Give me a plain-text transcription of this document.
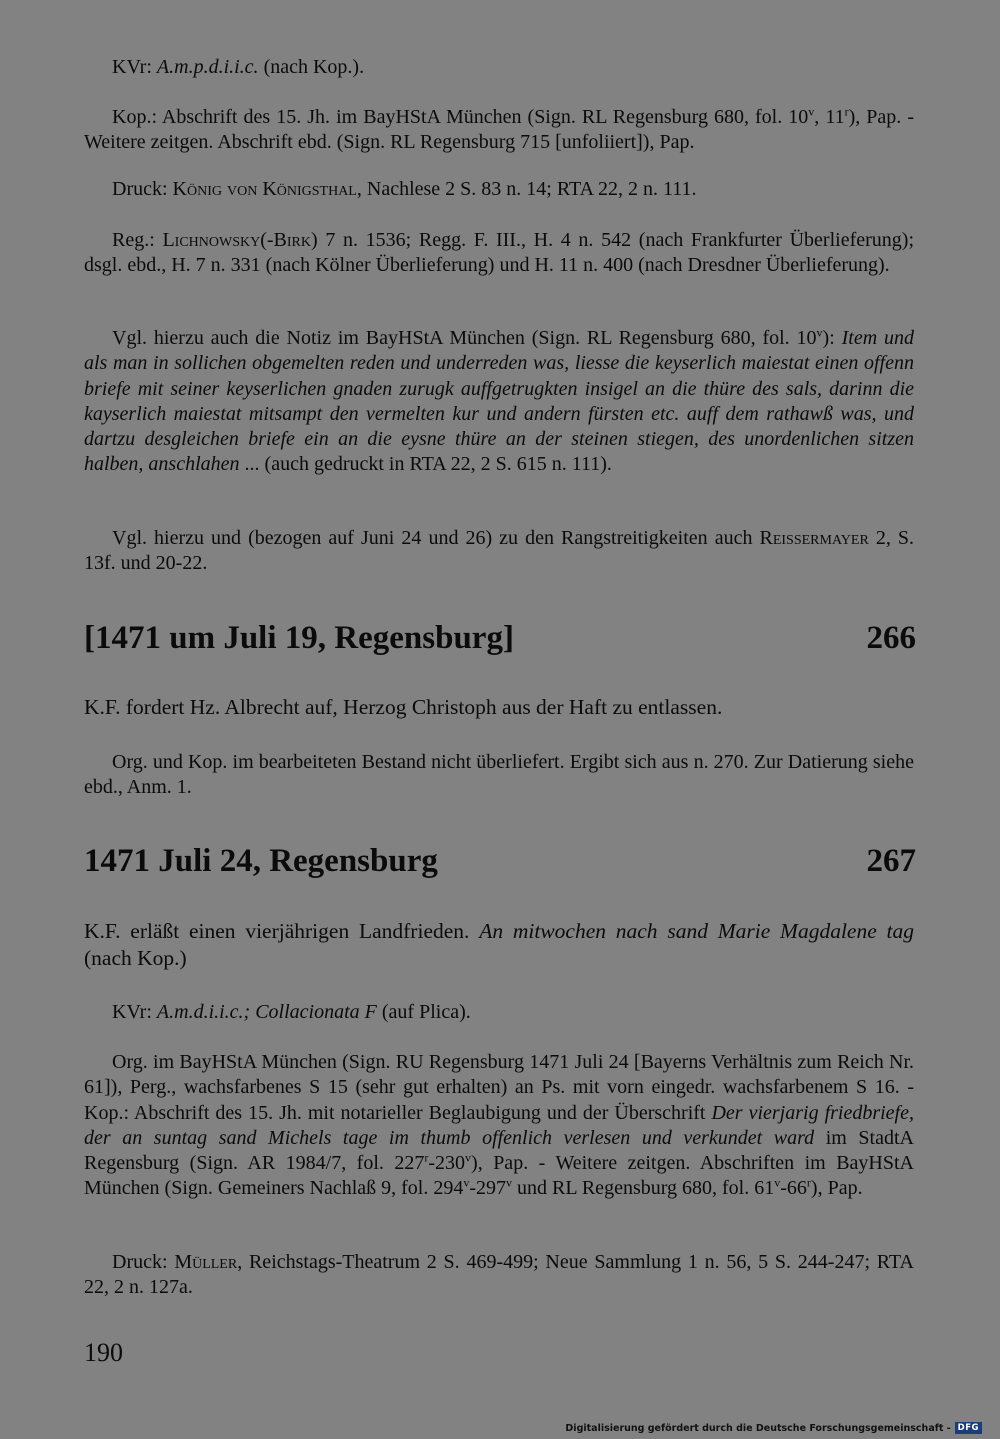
KVr: A.m.p.d.i.i.c. (nach Kop.).

Kop.: Abschrift des 15. Jh. im BayHStA München (Sign. RL Regensburg 680, fol. 10$^v$, 11$^r$), Pap. - Weitere zeitgen. Abschrift ebd. (Sign. RL Regensburg 715 [unfoliiert]), Pap.

Druck: König von Königsthal, Nachlese 2 S. 83 n. 14; RTA 22, 2 n. 111.

Reg.: Lichnowsky(-Birk) 7 n. 1536; Regg. F. III., H. 4 n. 542 (nach Frankfurter Überlieferung); dsgl. ebd., H. 7 n. 331 (nach Kölner Überlieferung) und H. 11 n. 400 (nach Dresdner Überlieferung).

Vgl. hierzu auch die Notiz im BayHStA München (Sign. RL Regensburg 680, fol. 10$^v$): Item und als man in sollichen obgemelten reden und underreden was, liesse die keyserlich maiestat einen offenn briefe mit seiner keyserlichen gnaden zurugk auffgetrugkten insigel an die thüre des sals, darinn die kayserlich maiestat mitsampt den vermelten kur und andern fürsten etc. auff dem rathawß was, und dartzu desgleichen briefe ein an die eysne thüre an der steinen stiegen, des unordenlichen sitzen halben, anschlahen ... (auch gedruckt in RTA 22, 2 S. 615 n. 111).

Vgl. hierzu und (bezogen auf Juni 24 und 26) zu den Rangstreitigkeiten auch Reissermayer 2, S. 13f. und 20-22.

[1471 um Juli 19, Regensburg]	266

K.F. fordert Hz. Albrecht auf, Herzog Christoph aus der Haft zu entlassen.

Org. und Kop. im bearbeiteten Bestand nicht überliefert. Ergibt sich aus n. 270. Zur Datierung siehe ebd., Anm. 1.

1471 Juli 24, Regensburg	267

K.F. erläßt einen vierjährigen Landfrieden. An mitwochen nach sand Marie Magdalene tag (nach Kop.)

KVr: A.m.d.i.i.c.; Collacionata F (auf Plica).

Org. im BayHStA München (Sign. RU Regensburg 1471 Juli 24 [Bayerns Verhältnis zum Reich Nr. 61]), Perg., wachsfarbenes S 15 (sehr gut erhalten) an Ps. mit vorn eingedr. wachsfarbenem S 16. - Kop.: Abschrift des 15. Jh. mit notarieller Beglaubigung und der Überschrift Der vierjarig friedbriefe, der an suntag sand Michels tage im thumb offenlich verlesen und verkundet ward im StadtA Regensburg (Sign. AR 1984/7, fol. 227$^r$-230$^v$), Pap. - Weitere zeitgen. Abschriften im BayHStA München (Sign. Gemeiners Nachlaß 9, fol. 294$^v$-297$^v$ und RL Regensburg 680, fol. 61$^v$-66$^r$), Pap.

Druck: Müller, Reichstags-Theatrum 2 S. 469-499; Neue Sammlung 1 n. 56, 5 S. 244-247; RTA 22, 2 n. 127a.

190
Digitalisierung gefördert durch die Deutsche Forschungsgemeinschaft - DFG
